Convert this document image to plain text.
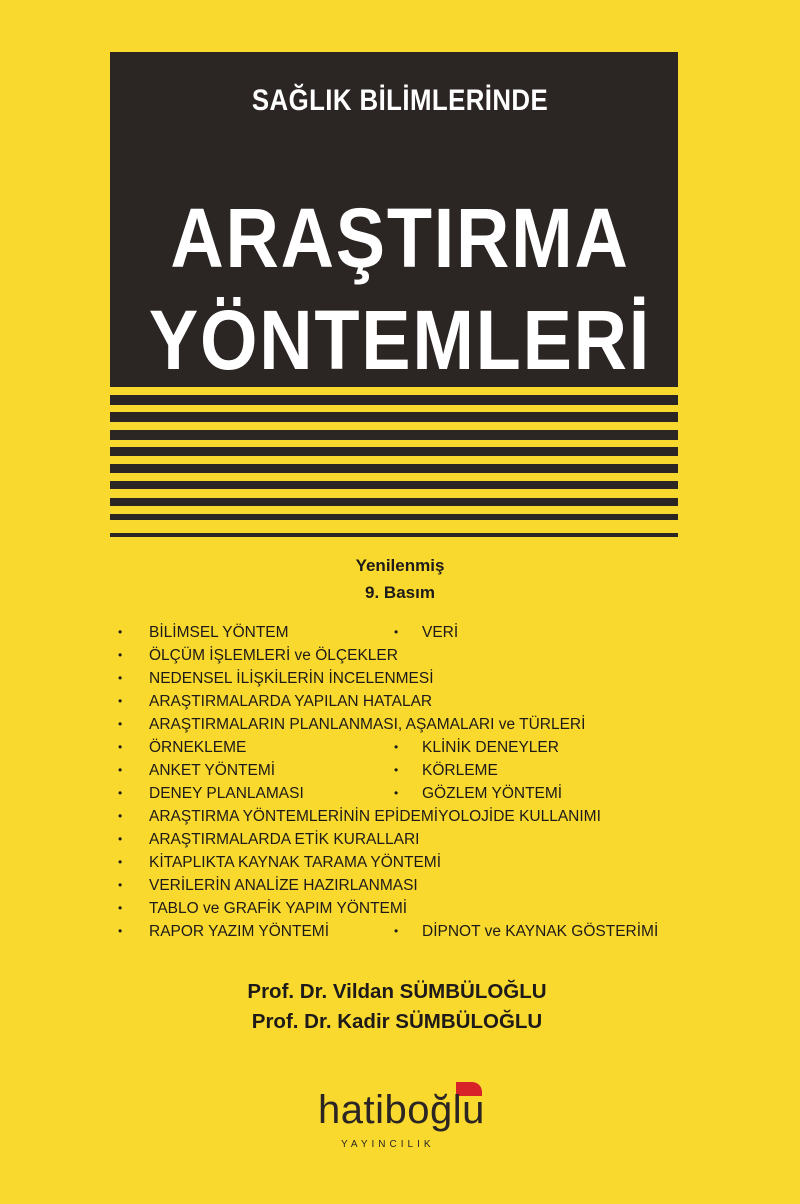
SAĞLIK BİLİMLERİNDE
ARAŞTIRMA
YÖNTEMLERİ
Yenilenmiş
9. Basım
• BİLİMSEL YÖNTEM	• VERİ
• ÖLÇÜM İŞLEMLERİ ve ÖLÇEKLER
• NEDENSEL İLİŞKİLERİN İNCELENMESİ
• ARAŞTIRMALARDA YAPILAN HATALAR
• ARAŞTIRMALARIN PLANLANMASI, AŞAMALARI ve TÜRLERİ
• ÖRNEKLEME	• KLİNİK DENEYLER
• ANKET YÖNTEMİ	• KÖRLEME
• DENEY PLANLAMASI	• GÖZLEM YÖNTEMİ
• ARAŞTIRMA YÖNTEMLERİNİN EPİDEMİYOLOJİDE KULLANIMI
• ARAŞTIRMALARDA ETİK KURALLARI
• KİTAPLIKTA KAYNAK TARAMA YÖNTEMİ
• VERİLERİN ANALİZE HAZIRLANMASI
• TABLO ve GRAFİK YAPIM YÖNTEMİ
• RAPOR YAZIM YÖNTEMİ	• DİPNOT ve KAYNAK GÖSTERİMİ
Prof. Dr. Vildan SÜMBÜLOĞLU
Prof. Dr. Kadir SÜMBÜLOĞLU
hatiboğlu
YAYINCILIK
